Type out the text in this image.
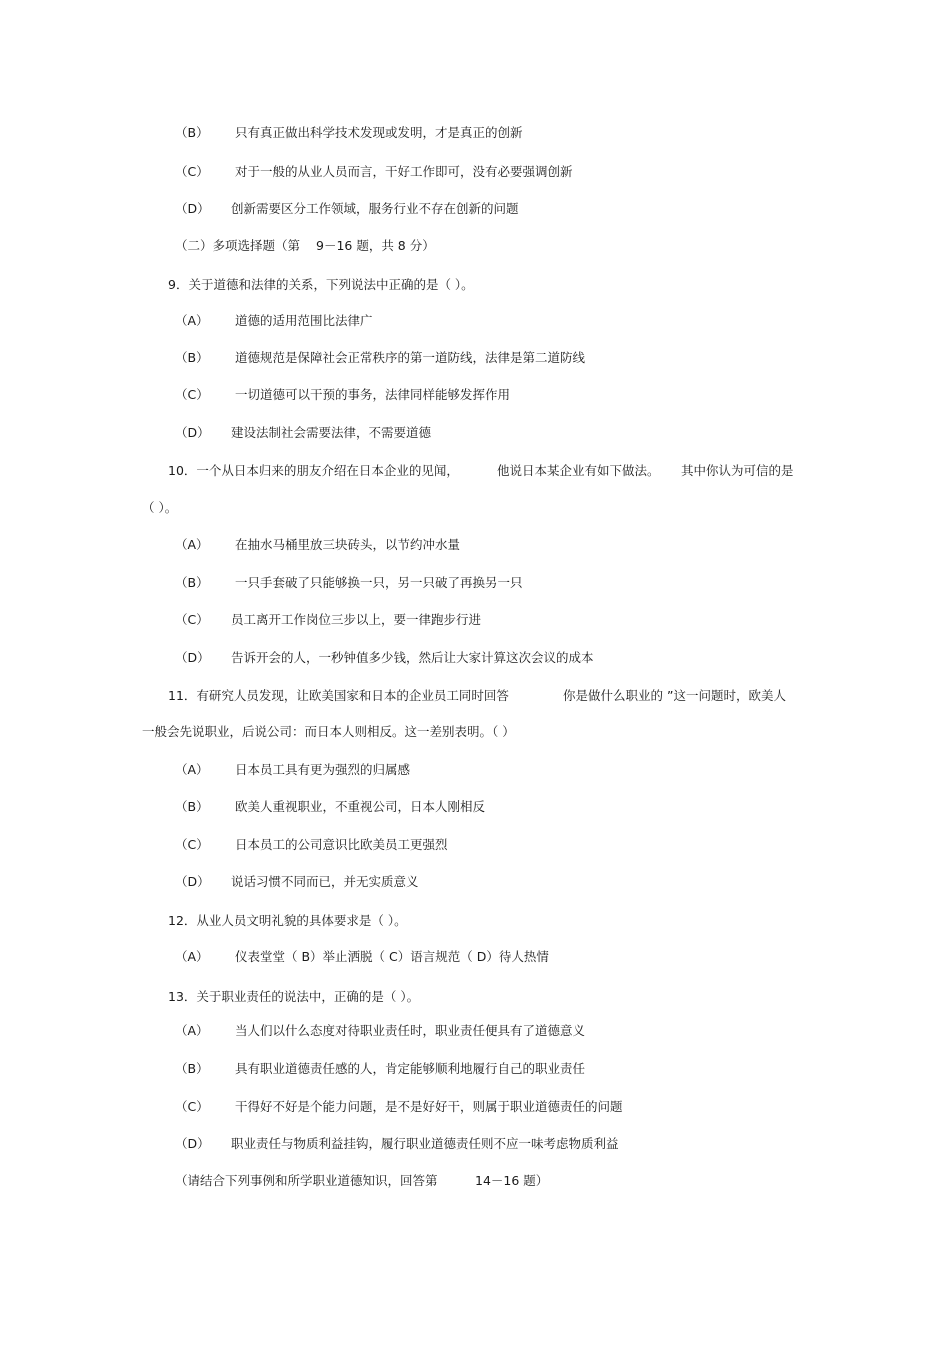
（B） 只有真正做出科学技术发现或发明，才是真正的创新
（C） 对于一般的从业人员而言，干好工作即可，没有必要强调创新
（D） 创新需要区分工作领域，服务行业不存在创新的问题
（二）多项选择题（第 9－16 题，共 8 分）
9．关于道德和法律的关系，下列说法中正确的是（ ）。
（A） 道德的适用范围比法律广
（B） 道德规范是保障社会正常秩序的第一道防线，法律是第二道防线
（C） 一切道德可以干预的事务，法律同样能够发挥作用
（D） 建设法制社会需要法律，不需要道德
10．一个从日本归来的朋友介绍在日本企业的见闻，	他说日本某企业有如下做法。 其中你认为可信的是
（ ）。
（A） 在抽水马桶里放三块砖头，以节约冲水量
（B） 一只手套破了只能够换一只，另一只破了再换另一只
（C） 员工离开工作岗位三步以上，要一律跑步行进
（D） 告诉开会的人，一秒钟值多少钱，然后让大家计算这次会议的成本
11．有研究人员发现，让欧美国家和日本的企业员工同时回答	你是做什么职业的 ”这一问题时，欧美人
一般会先说职业，后说公司：而日本人则相反。这一差别表明。（ ）
（A） 日本员工具有更为强烈的归属感
（B） 欧美人重视职业，不重视公司，日本人刚相反
（C） 日本员工的公司意识比欧美员工更强烈
（D） 说话习惯不同而已，并无实质意义
12．从业人员文明礼貌的具体要求是（ ）。
（A） 仪表堂堂（ B）举止洒脱（ C）语言规范（ D）待人热情
13．关于职业责任的说法中，正确的是（ ）。
（A） 当人们以什么态度对待职业责任时，职业责任便具有了道德意义
（B） 具有职业道德责任感的人，肯定能够顺利地履行自己的职业责任
（C） 干得好不好是个能力问题，是不是好好干，则属于职业道德责任的问题
（D） 职业责任与物质利益挂钩，履行职业道德责任则不应一味考虑物质利益
（请结合下列事例和所学职业道德知识，回答第	14－16 题）
